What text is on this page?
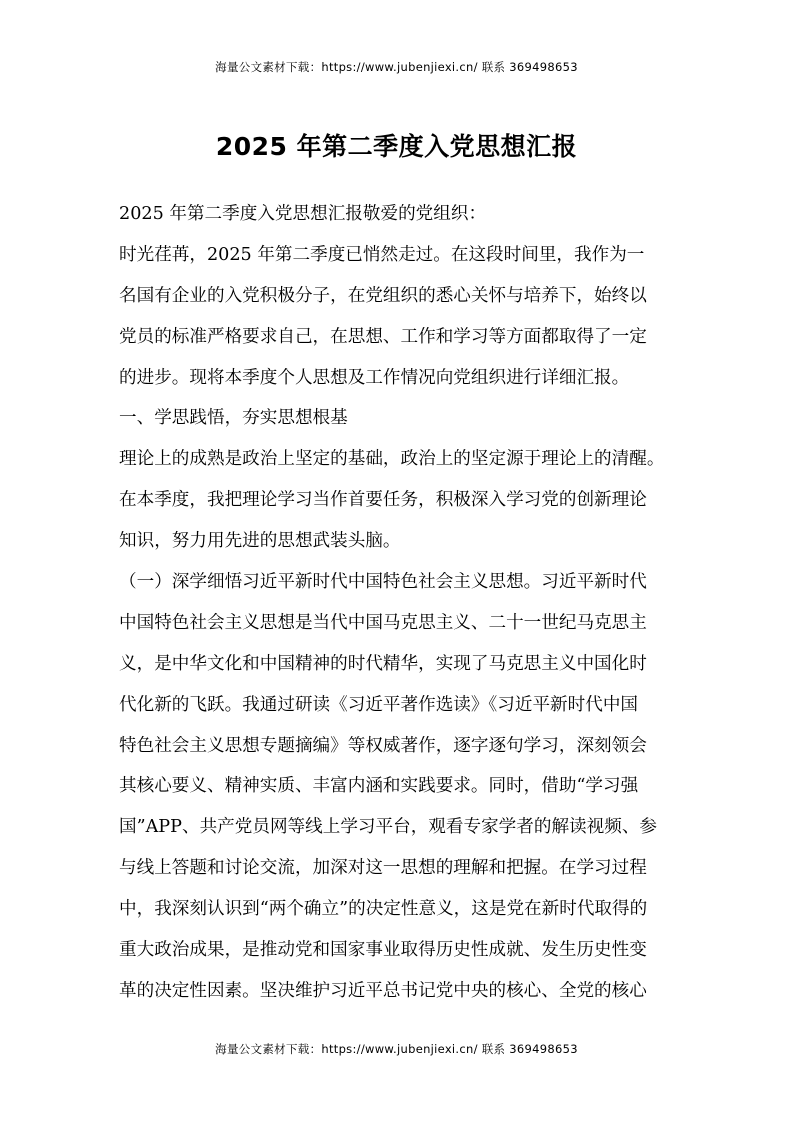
海量公文素材下载：https://www.jubenjiexi.cn/ 联系 369498653
2025 年第二季度入党思想汇报
2025 年第二季度入党思想汇报敬爱的党组织：
时光荏苒，2025 年第二季度已悄然走过。在这段时间里，我作为一
名国有企业的入党积极分子，在党组织的悉心关怀与培养下，始终以
党员的标准严格要求自己，在思想、工作和学习等方面都取得了一定
的进步。现将本季度个人思想及工作情况向党组织进行详细汇报。
一、学思践悟，夯实思想根基
理论上的成熟是政治上坚定的基础，政治上的坚定源于理论上的清醒。
在本季度，我把理论学习当作首要任务，积极深入学习党的创新理论
知识，努力用先进的思想武装头脑。
（一）深学细悟习近平新时代中国特色社会主义思想。习近平新时代
中国特色社会主义思想是当代中国马克思主义、二十一世纪马克思主
义，是中华文化和中国精神的时代精华，实现了马克思主义中国化时
代化新的飞跃。我通过研读《习近平著作选读》《习近平新时代中国
特色社会主义思想专题摘编》等权威著作，逐字逐句学习，深刻领会
其核心要义、精神实质、丰富内涵和实践要求。同时，借助“学习强
国”APP、共产党员网等线上学习平台，观看专家学者的解读视频、参
与线上答题和讨论交流，加深对这一思想的理解和把握。在学习过程
中，我深刻认识到“两个确立”的决定性意义，这是党在新时代取得的
重大政治成果，是推动党和国家事业取得历史性成就、发生历史性变
革的决定性因素。坚决维护习近平总书记党中央的核心、全党的核心
海量公文素材下载：https://www.jubenjiexi.cn/ 联系 369498653
